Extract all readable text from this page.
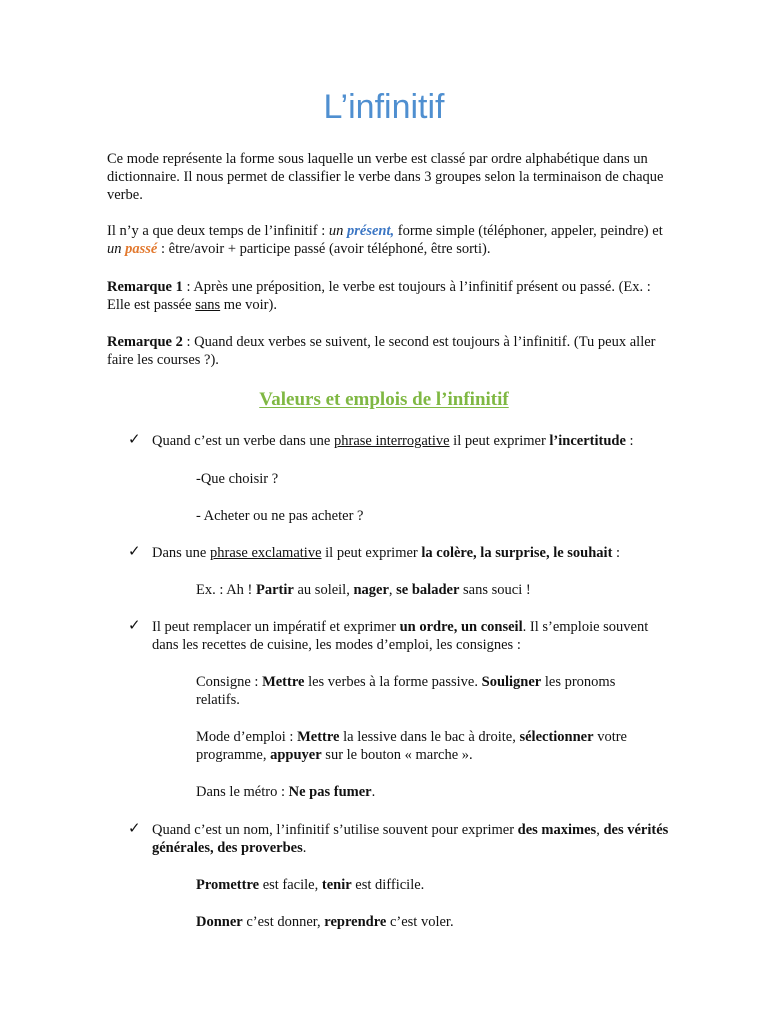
L’infinitif

Ce mode représente la forme sous laquelle un verbe est classé par ordre alphabétique dans un dictionnaire. Il nous permet de classifier le verbe dans 3 groupes selon la terminaison de chaque verbe.

Il n’y a que deux temps de l’infinitif : un présent, forme simple (téléphoner, appeler, peindre) et un passé : être/avoir + participe passé (avoir téléphoné, être sorti).

Remarque 1 : Après une préposition, le verbe est toujours à l’infinitif présent ou passé. (Ex. : Elle est passée sans me voir).

Remarque 2 : Quand deux verbes se suivent, le second est toujours à l’infinitif. (Tu peux aller faire les courses ?).

Valeurs et emplois de l’infinitif
✓ Quand c’est un verbe dans une phrase interrogative il peut exprimer l’incertitude :

-Que choisir ?

- Acheter ou ne pas acheter ?

✓ Dans une phrase exclamative il peut exprimer la colère, la surprise, le souhait :

Ex. : Ah ! Partir au soleil, nager, se balader sans souci !

✓ Il peut remplacer un impératif et exprimer un ordre, un conseil. Il s’emploie souvent dans les recettes de cuisine, les modes d’emploi, les consignes :

Consigne : Mettre les verbes à la forme passive. Souligner les pronoms relatifs.

Mode d’emploi : Mettre la lessive dans le bac à droite, sélectionner votre programme, appuyer sur le bouton « marche ».

Dans le métro : Ne pas fumer.

✓ Quand c’est un nom, l’infinitif s’utilise souvent pour exprimer des maximes, des vérités générales, des proverbes.

Promettre est facile, tenir est difficile.

Donner c’est donner, reprendre c’est voler.
